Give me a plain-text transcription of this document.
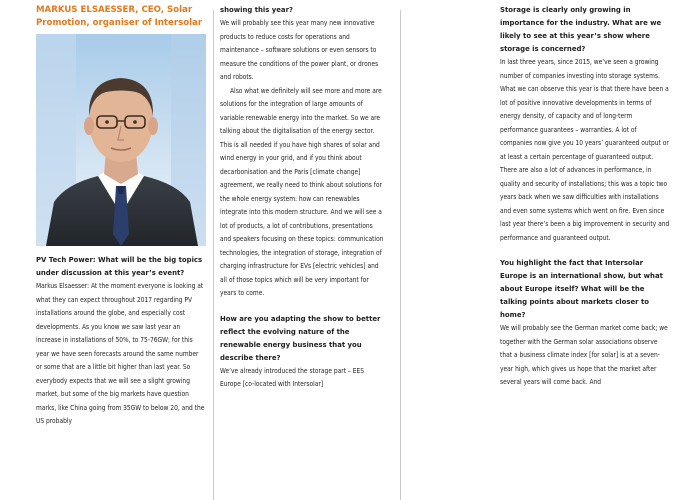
MARKUS ELSAESSER, CEO, Solar Promotion, organiser of Intersolar

PV Tech Power: What will be the big topics under discussion at this year’s event?

Markus Elsaesser: At the moment everyone is looking at what they can expect throughout 2017 regarding PV installations around the globe, and especially cost developments. As you know we saw last year an increase in installations of 50%, to 75-76GW; for this year we have seen forecasts around the same number or some that are a little bit higher than last year. So everybody expects that we will see a slight growing market, but some of the big markets have question marks, like China going from 35GW to below 20, and the US probably

showing this year?

We will probably see this year many new innovative products to reduce costs for operations and maintenance – software solutions or even sensors to measure the conditions of the power plant, or drones and robots.

Also what we definitely will see more and more are solutions for the integration of large amounts of variable renewable energy into the market. So we are talking about the digitalisation of the energy sector. This is all needed if you have high shares of solar and wind energy in your grid, and if you think about decarbonisation and the Paris [climate change] agreement, we really need to think about solutions for the whole energy system: how can renewables integrate into this modern structure. And we will see a lot of products, a lot of contributions, presentations and speakers focusing on these topics: communication technologies, the integration of storage, integration of charging infrastructure for EVs [electric vehicles] and all of those topics which will be very important for years to come.

How are you adapting the show to better reflect the evolving nature of the renewable energy business that you describe there?

We’ve already introduced the storage part – EES Europe [co-located with Intersolar]

Storage is clearly only growing in importance for the industry. What are we likely to see at this year’s show where storage is concerned?

In last three years, since 2015, we’ve seen a growing number of companies investing into storage systems. What we can observe this year is that there have been a lot of positive innovative developments in terms of energy density, of capacity and of long-term performance guarantees – warranties. A lot of companies now give you 10 years’ guaranteed output or at least a certain percentage of guaranteed output. There are also a lot of advances in performance, in quality and security of installations; this was a topic two years back when we saw difficulties with installations and even some systems which went on fire. Even since last year there’s been a big improvement in security and performance and guaranteed output.

You highlight the fact that Intersolar Europe is an international show, but what about Europe itself? What will be the talking points about markets closer to home?

We will probably see the German market come back; we together with the German solar associations observe that a business climate index [for solar] is at a seven-year high, which gives us hope that the market after several years will come back. And
